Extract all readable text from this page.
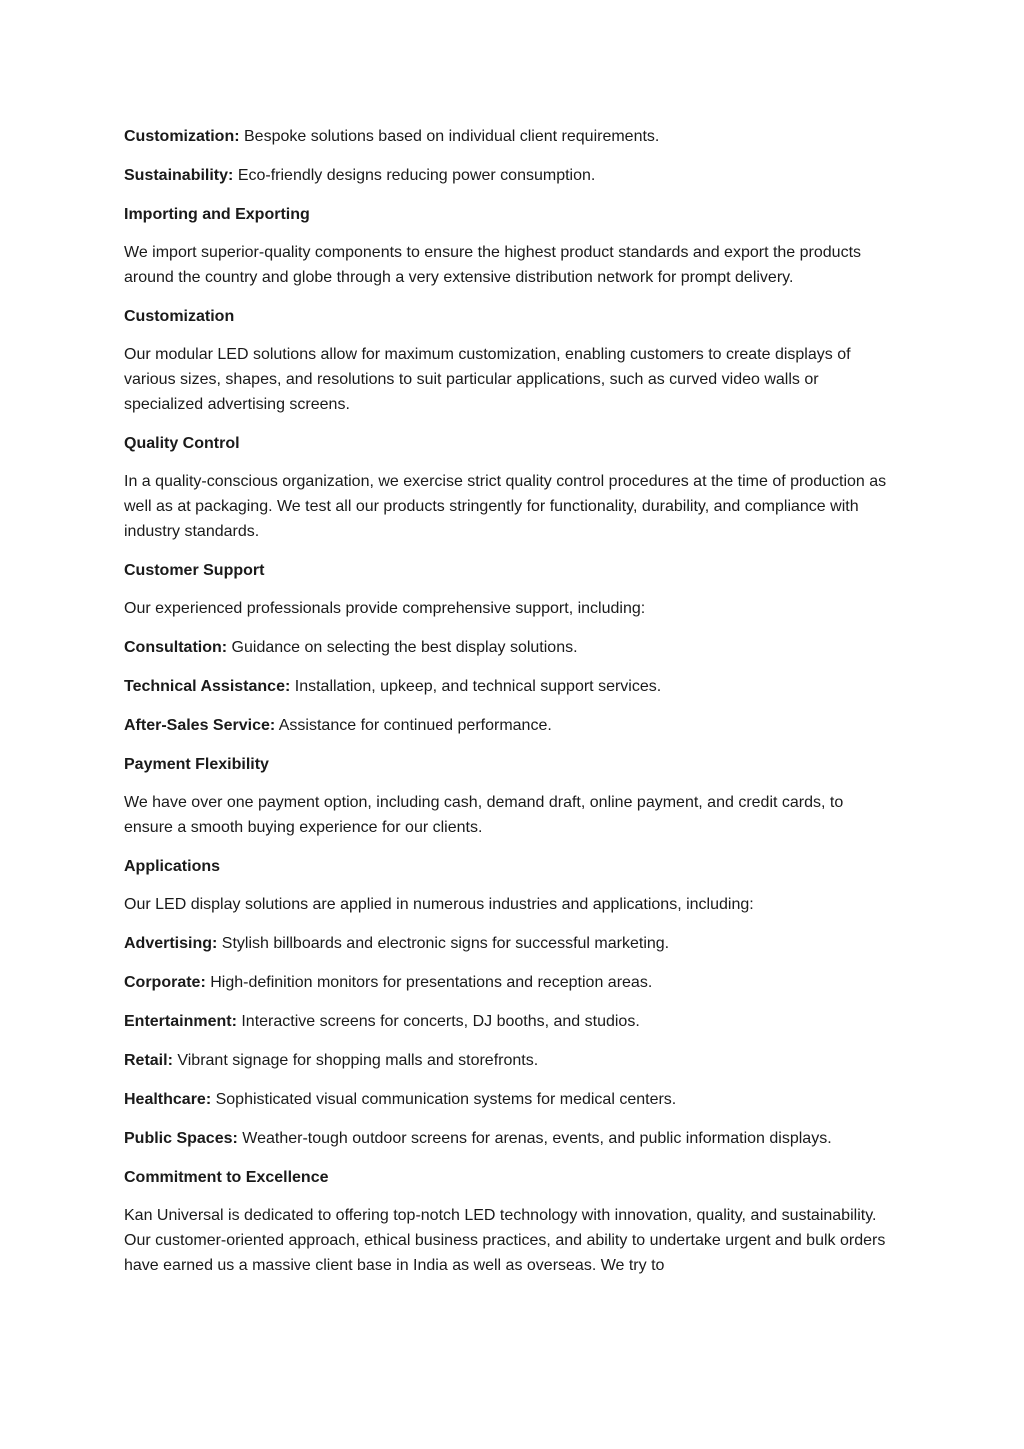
Customization: Bespoke solutions based on individual client requirements.

Sustainability: Eco-friendly designs reducing power consumption.

Importing and Exporting

We import superior-quality components to ensure the highest product standards and export the products around the country and globe through a very extensive distribution network for prompt delivery.

Customization

Our modular LED solutions allow for maximum customization, enabling customers to create displays of various sizes, shapes, and resolutions to suit particular applications, such as curved video walls or specialized advertising screens.

Quality Control

In a quality-conscious organization, we exercise strict quality control procedures at the time of production as well as at packaging. We test all our products stringently for functionality, durability, and compliance with industry standards.

Customer Support

Our experienced professionals provide comprehensive support, including:

Consultation: Guidance on selecting the best display solutions.

Technical Assistance: Installation, upkeep, and technical support services.

After-Sales Service: Assistance for continued performance.

Payment Flexibility

We have over one payment option, including cash, demand draft, online payment, and credit cards, to ensure a smooth buying experience for our clients.

Applications

Our LED display solutions are applied in numerous industries and applications, including:

Advertising: Stylish billboards and electronic signs for successful marketing.

Corporate: High-definition monitors for presentations and reception areas.

Entertainment: Interactive screens for concerts, DJ booths, and studios.

Retail: Vibrant signage for shopping malls and storefronts.

Healthcare: Sophisticated visual communication systems for medical centers.

Public Spaces: Weather-tough outdoor screens for arenas, events, and public information displays.

Commitment to Excellence

Kan Universal is dedicated to offering top-notch LED technology with innovation, quality, and sustainability. Our customer-oriented approach, ethical business practices, and ability to undertake urgent and bulk orders have earned us a massive client base in India as well as overseas. We try to
